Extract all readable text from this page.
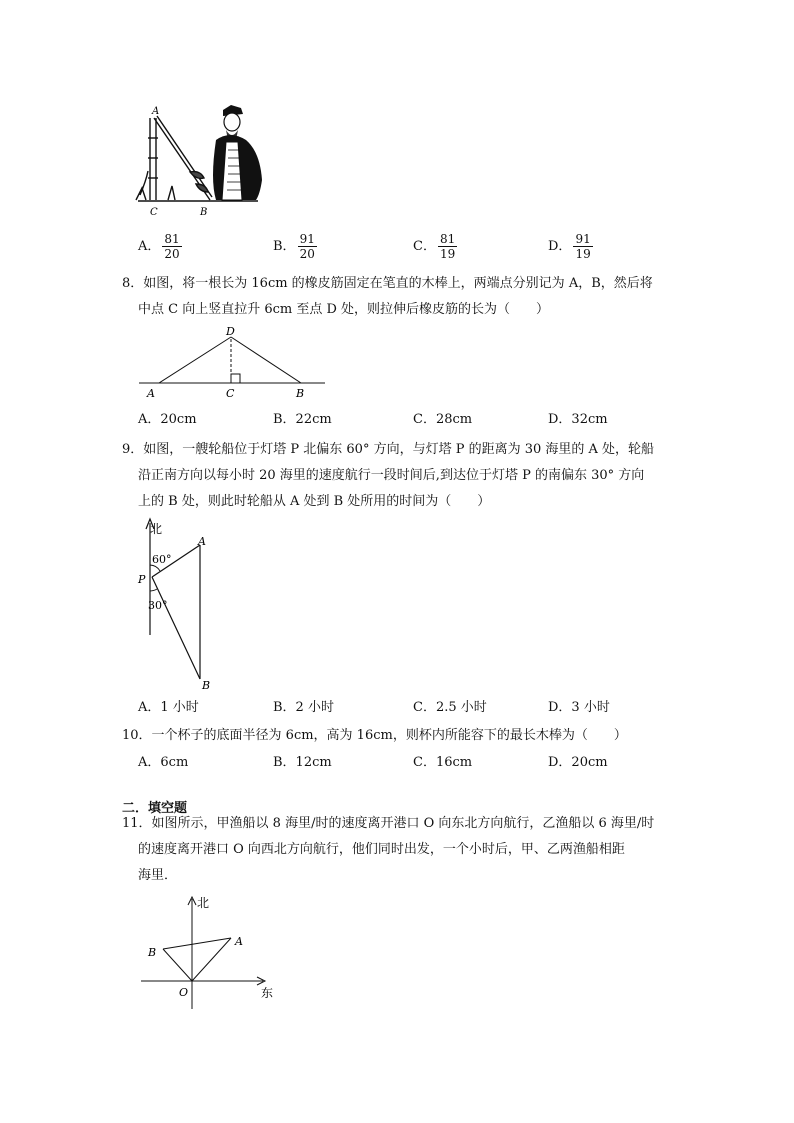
A
C	B
A． $\frac{81}{20}$	B． $\frac{91}{20}$	C． $\frac{81}{19}$	D． $\frac{91}{19}$
8．如图，将一根长为 16cm 的橡皮筋固定在笔直的木棒上，两端点分别记为 A，B，然后将
中点 C 向上竖直拉升 6cm 至点 D 处，则拉伸后橡皮筋的长为（　　）
D
A	C	B
A．20cm	B．22cm	C．28cm	D．32cm
9．如图，一艘轮船位于灯塔 P 北偏东 60° 方向，与灯塔 P 的距离为 30 海里的 A 处，轮船
沿正南方向以每小时 20 海里的速度航行一段时间后,到达位于灯塔 P 的南偏东 30° 方向
上的 B 处，则此时轮船从 A 处到 B 处所用的时间为（　　）
北
60°
30°
P
A
B
A．1 小时	B．2 小时	C．2.5 小时	D．3 小时
10．一个杯子的底面半径为 6cm，高为 16cm，则杯内所能容下的最长木棒为（　　）
A．6cm	B．12cm	C．16cm	D．20cm
二．填空题
11．如图所示，甲渔船以 8 海里/时的速度离开港口 O 向东北方向航行，乙渔船以 6 海里/时
的速度离开港口 O 向西北方向航行，他们同时出发，一个小时后，甲、乙两渔船相距
海里．
北
东
O
A
B
